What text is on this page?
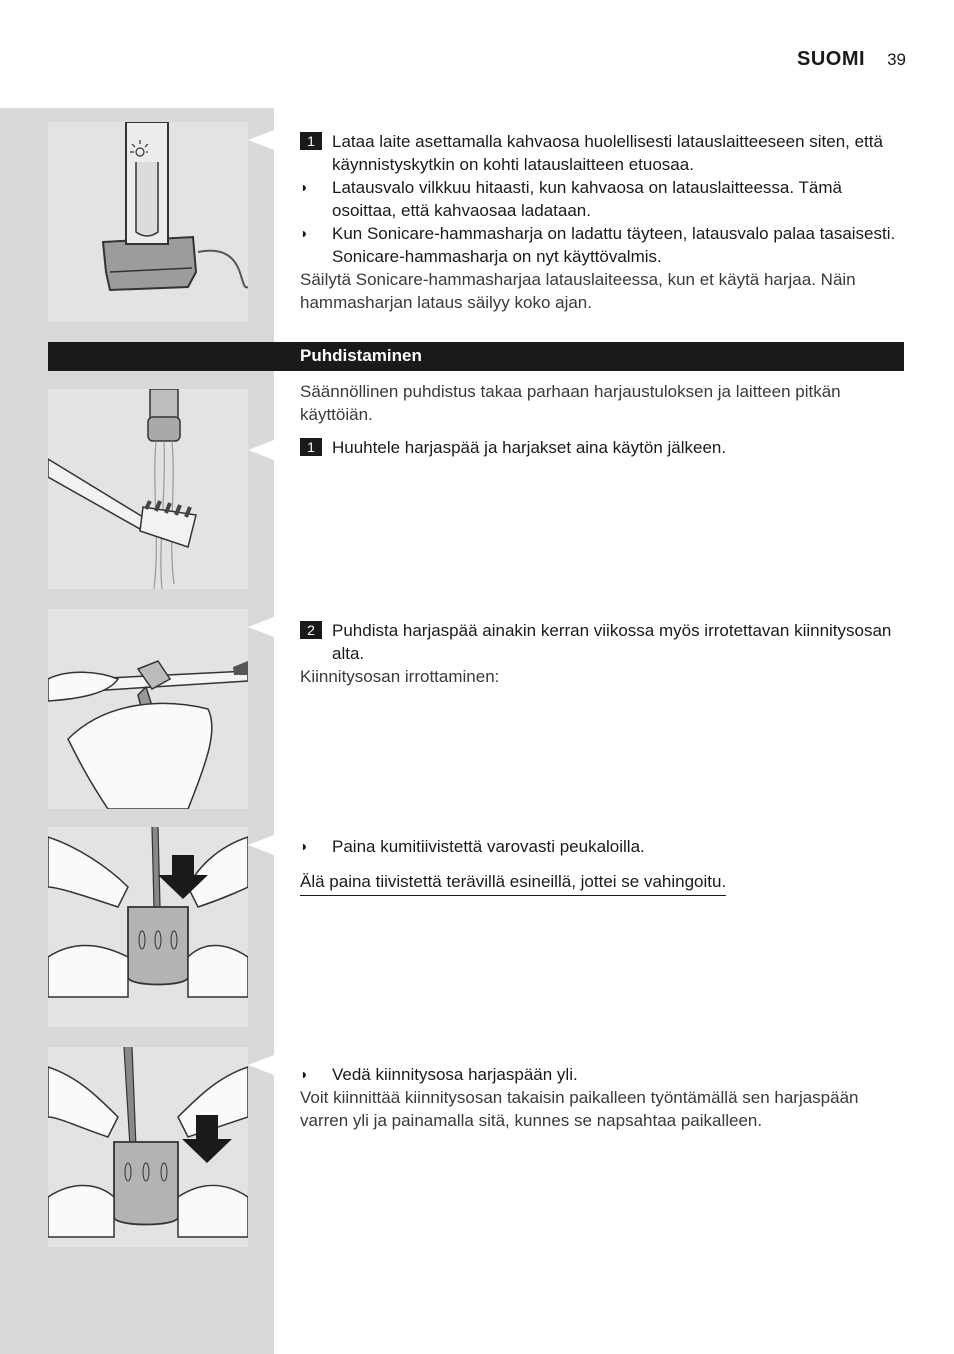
SUOMI 39
1	Lataa laite asettamalla kahvaosa huolellisesti latauslaitteeseen siten, että käynnistyskytkin on kohti latauslaitteen etuosaa.
◗	Latausvalo vilkkuu hitaasti, kun kahvaosa on latauslaitteessa. Tämä osoittaa, että kahvaosaa ladataan.
◗	Kun Sonicare-hammasharja on ladattu täyteen, latausvalo palaa tasaisesti. Sonicare-hammasharja on nyt käyttövalmis.
Säilytä Sonicare-hammasharjaa latauslaiteessa, kun et käytä harjaa. Näin hammasharjan lataus säilyy koko ajan.
Puhdistaminen
Säännöllinen puhdistus takaa parhaan harjaustuloksen ja laitteen pitkän käyttöiän.
1	Huuhtele harjaspää ja harjakset aina käytön jälkeen.
2	Puhdista harjaspää ainakin kerran viikossa myös irrotettavan kiinnitysosan alta.
Kiinnitysosan irrottaminen:
◗	Paina kumitiivistettä varovasti peukaloilla.
Älä paina tiivistettä terävillä esineillä, jottei se vahingoitu.
◗	Vedä kiinnitysosa harjaspään yli.
Voit kiinnittää kiinnitysosan takaisin paikalleen työntämällä sen harjaspään varren yli ja painamalla sitä, kunnes se napsahtaa paikalleen.
